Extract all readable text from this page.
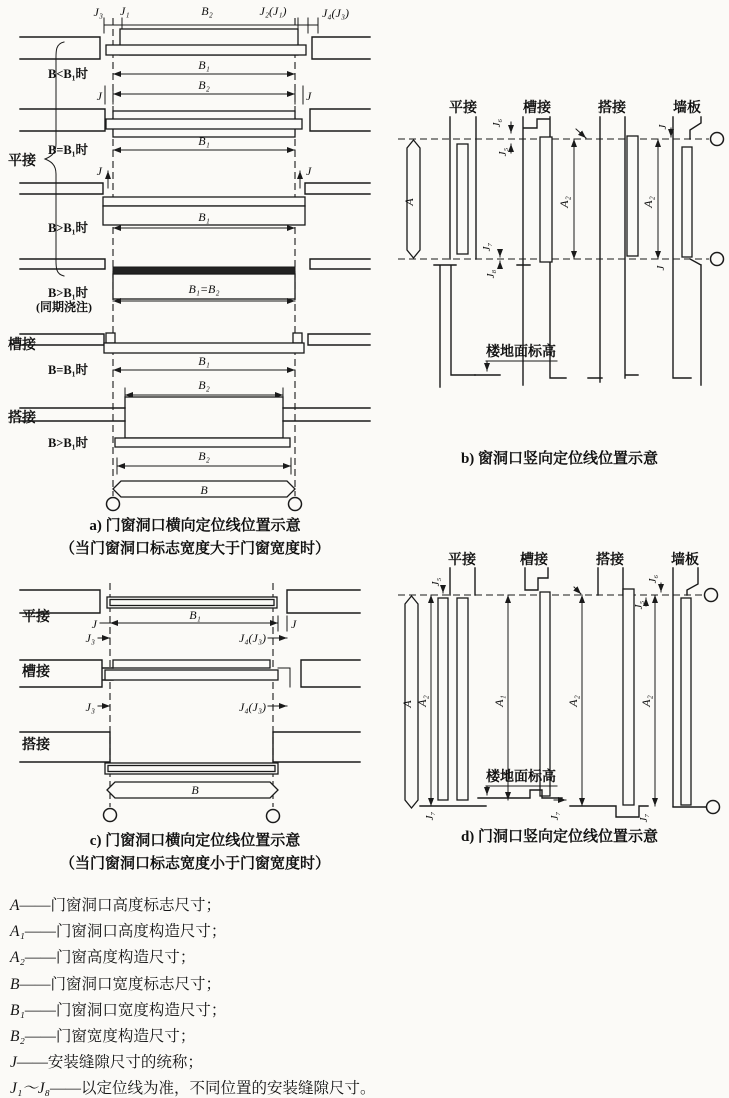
平接
槽接
搭接
J₃ J₁	B₂	J₂(J₁)	J₄(J₃)
B₁
B<B₁时
B₂
J	J
B₁
B=B₁时
J	J
B₁
B>B₁时
B₁=B₂
B>B₁时
(同期浇注)
B₁
B=B₁时
B₂
B>B₁时
B₂
B
a) 门窗洞口横向定位线位置示意
（当门窗洞口标志宽度大于门窗宽度时）
平接	槽接	搭接	墙板
A
J₆
J₅
J₇
J₈
A₂
J
J
A₂
楼地面标高
b) 窗洞口竖向定位线位置示意
平接
槽接
搭接
B₁
J
J
J₃	J₄(J₃)
J₃	J₄(J₃)
B
c) 门窗洞口横向定位线位置示意
（当门窗洞口标志宽度小于门窗宽度时）
平接	槽接	搭接	墙板
A A₂
J₅
J₇
A₁
楼地面标高
J₇
A₂
J₇
A₂
J₆
J₅
d) 门洞口竖向定位线位置示意
A——门窗洞口高度标志尺寸；
A₁——门窗洞口高度构造尺寸；
A₂——门窗高度构造尺寸；
B——门窗洞口宽度标志尺寸；
B₁——门窗洞口宽度构造尺寸；
B₂——门窗宽度构造尺寸；
J——安装缝隙尺寸的统称；
J₁～J₈——以定位线为准，不同位置的安装缝隙尺寸。
